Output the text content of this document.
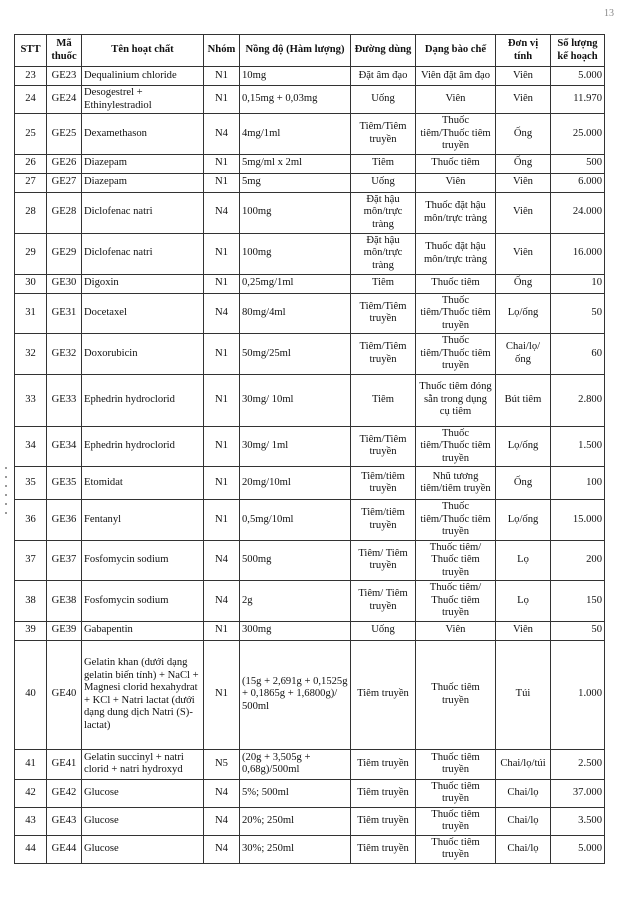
13
STT	Mã thuốc	Tên hoạt chất	Nhóm	Nồng độ (Hàm lượng)	Đường dùng	Dạng bào chế	Đơn vị tính	Số lượng kế hoạch
23	GE23	Dequalinium chloride	N1	10mg	Đặt âm đạo	Viên đặt âm đạo	Viên	5.000
24	GE24	Desogestrel + Ethinylestradiol	N1	0,15mg + 0,03mg	Uống	Viên	Viên	11.970
25	GE25	Dexamethason	N4	4mg/1ml	Tiêm/Tiêm truyền	Thuốc tiêm/Thuốc tiêm truyền	Ống	25.000
26	GE26	Diazepam	N1	5mg/ml x 2ml	Tiêm	Thuốc tiêm	Ống	500
27	GE27	Diazepam	N1	5mg	Uống	Viên	Viên	6.000
28	GE28	Diclofenac natri	N4	100mg	Đặt hậu môn/trực tràng	Thuốc đặt hậu môn/trực tràng	Viên	24.000
29	GE29	Diclofenac natri	N1	100mg	Đặt hậu môn/trực tràng	Thuốc đặt hậu môn/trực tràng	Viên	16.000
30	GE30	Digoxin	N1	0,25mg/1ml	Tiêm	Thuốc tiêm	Ống	10
31	GE31	Docetaxel	N4	80mg/4ml	Tiêm/Tiêm truyền	Thuốc tiêm/Thuốc tiêm truyền	Lọ/ống	50
32	GE32	Doxorubicin	N1	50mg/25ml	Tiêm/Tiêm truyền	Thuốc tiêm/Thuốc tiêm truyền	Chai/lọ/ống	60
33	GE33	Ephedrin hydroclorid	N1	30mg/ 10ml	Tiêm	Thuốc tiêm đóng sẵn trong dụng cụ tiêm	Bút tiêm	2.800
34	GE34	Ephedrin hydroclorid	N1	30mg/ 1ml	Tiêm/Tiêm truyền	Thuốc tiêm/Thuốc tiêm truyền	Lọ/ống	1.500
35	GE35	Etomidat	N1	20mg/10ml	Tiêm/tiêm truyền	Nhũ tương tiêm/tiêm truyền	Ống	100
36	GE36	Fentanyl	N1	0,5mg/10ml	Tiêm/tiêm truyền	Thuốc tiêm/Thuốc tiêm truyền	Lọ/ống	15.000
37	GE37	Fosfomycin sodium	N4	500mg	Tiêm/ Tiêm truyền	Thuốc tiêm/ Thuốc tiêm truyền	Lọ	200
38	GE38	Fosfomycin sodium	N4	2g	Tiêm/ Tiêm truyền	Thuốc tiêm/ Thuốc tiêm truyền	Lọ	150
39	GE39	Gabapentin	N1	300mg	Uống	Viên	Viên	50
40	GE40	Gelatin khan (dưới dạng gelatin biến tính) + NaCl + Magnesi clorid hexahydrat + KCl + Natri lactat (dưới dạng dung dịch Natri (S)-lactat)	N1	(15g + 2,691g + 0,1525g + 0,1865g + 1,6800g)/ 500ml	Tiêm truyền	Thuốc tiêm truyền	Túi	1.000
41	GE41	Gelatin succinyl + natri clorid + natri hydroxyd	N5	(20g + 3,505g + 0,68g)/500ml	Tiêm truyền	Thuốc tiêm truyền	Chai/lọ/túi	2.500
42	GE42	Glucose	N4	5%; 500ml	Tiêm truyền	Thuốc tiêm truyền	Chai/lọ	37.000
43	GE43	Glucose	N4	20%; 250ml	Tiêm truyền	Thuốc tiêm truyền	Chai/lọ	3.500
44	GE44	Glucose	N4	30%; 250ml	Tiêm truyền	Thuốc tiêm truyền	Chai/lọ	5.000
